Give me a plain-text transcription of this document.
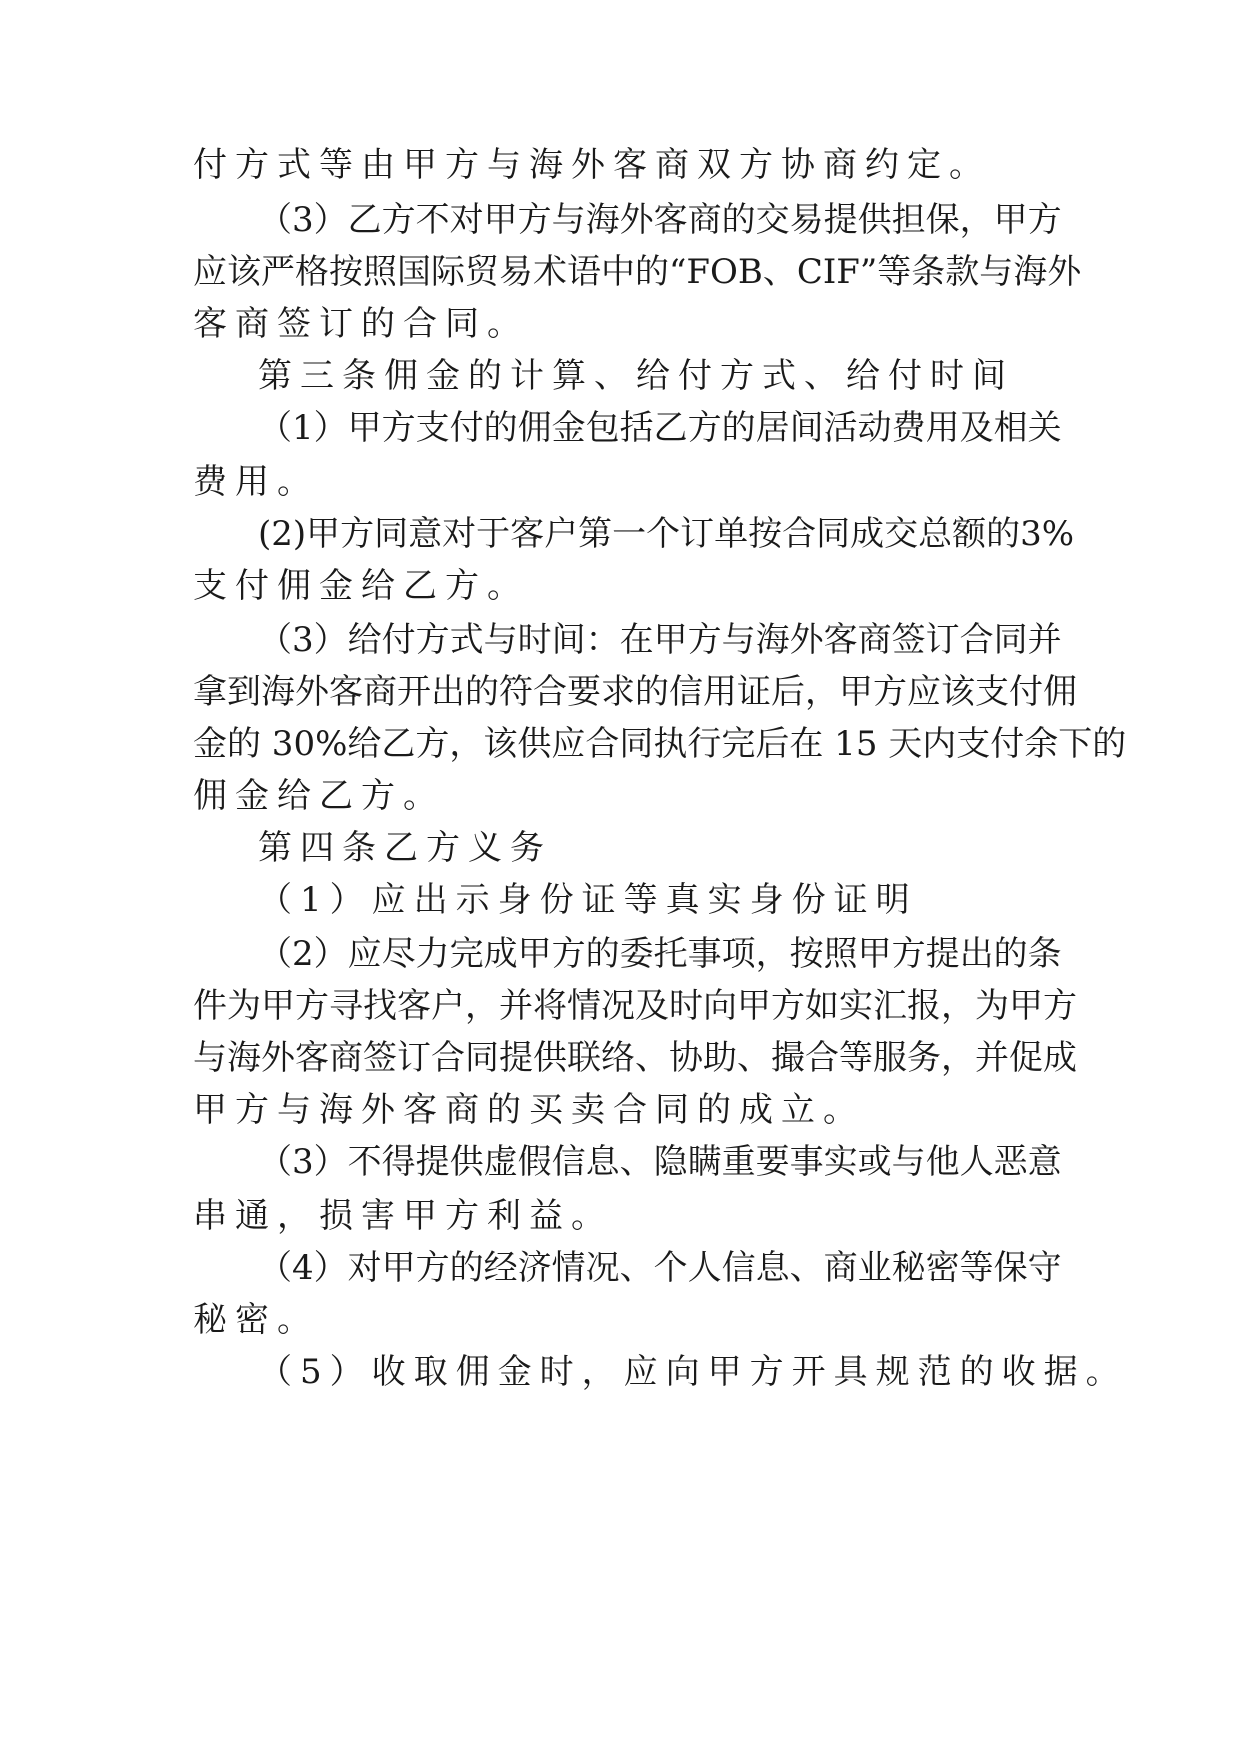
付方式等由甲方与海外客商双方协商约定。
（3）乙方不对甲方与海外客商的交易提供担保，甲方
应该严格按照国际贸易术语中的“FOB、CIF”等条款与海外
客商签订的合同。
第三条佣金的计算、给付方式、给付时间
（1）甲方支付的佣金包括乙方的居间活动费用及相关
费用。
(2)甲方同意对于客户第一个订单按合同成交总额的3%
支付佣金给乙方。
（3）给付方式与时间：在甲方与海外客商签订合同并
拿到海外客商开出的符合要求的信用证后，甲方应该支付佣
金的 30%给乙方，该供应合同执行完后在 15 天内支付余下的
佣金给乙方。
第四条乙方义务
（1）应出示身份证等真实身份证明
（2）应尽力完成甲方的委托事项，按照甲方提出的条
件为甲方寻找客户，并将情况及时向甲方如实汇报，为甲方
与海外客商签订合同提供联络、协助、撮合等服务，并促成
甲方与海外客商的买卖合同的成立。
（3）不得提供虚假信息、隐瞒重要事实或与他人恶意
串通，损害甲方利益。
（4）对甲方的经济情况、个人信息、商业秘密等保守
秘密。
（5）收取佣金时，应向甲方开具规范的收据。
